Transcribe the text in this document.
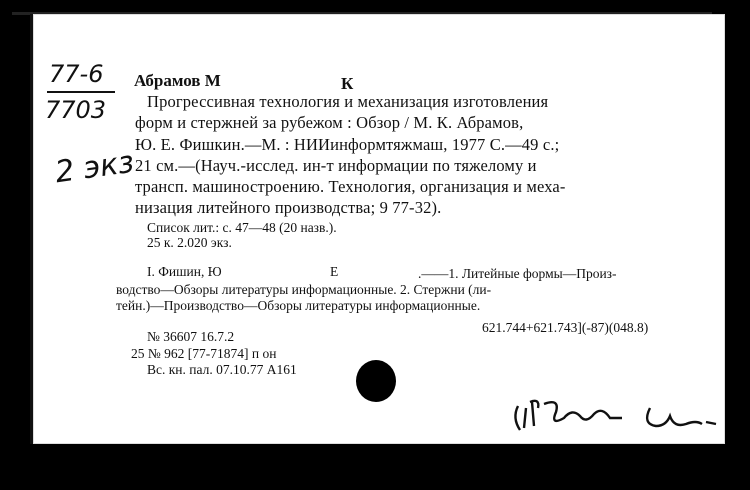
77-6
7703
2 экз
Абрамов М	К
Прогрессивная технология и механизация изготовления
форм и стержней за рубежом : Обзор / М. К. Абрамов,
Ю. Е. Фишкин.—М. : НИИинформтяжмаш, 1977 С.—49 с.;
21 см.—(Науч.-исслед. ин-т информации по тяжелому и
трансп. машиностроению. Технология, организация и меха-
низация литейного производства; 9 77-32).
Список лит.: с. 47—48 (20 назв.).
25 к. 2.020 экз.
I. Фишин, Ю	Е	.——1. Литейные формы—Произ-
водство—Обзоры литературы информационные. 2. Стержни (ли-
тейн.)—Производство—Обзоры литературы информационные.
621.744+621.743](-87)(048.8)
№ 36607 16.7.2
25 № 962 [77-71874] п он
Вс. кн. пал. 07.10.77 А161
